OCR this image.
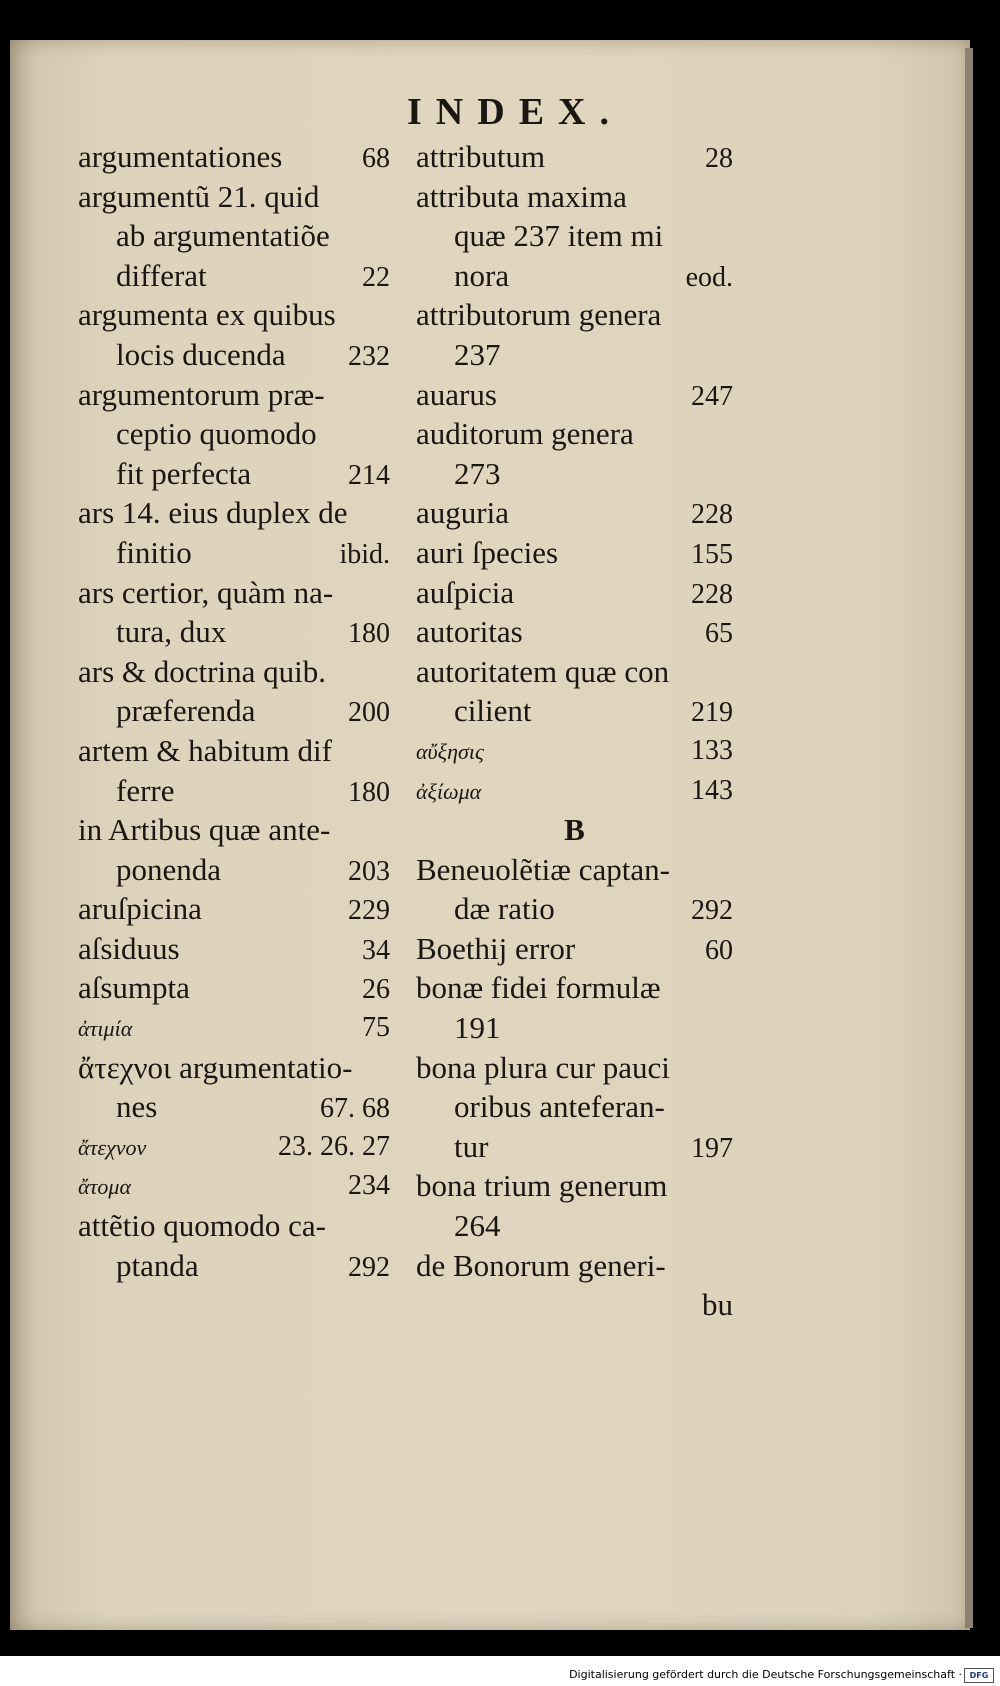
INDEX.
argumentationes	68
argumentũ 21. quid
ab argumentatiõe
differat	22
argumenta ex quibus
locis ducenda 232
argumentorum præ-
ceptio quomodo
fit perfecta	214
ars 14. eius duplex de
finitio	ibid.
ars certior, quàm na-
tura, dux	180
ars & doctrina quib.
præferenda	200
artem & habitum dif
ferre	180
in Artibus quæ ante-
ponenda	203
aruſpicina	229
aſsiduus	34
aſsumpta	26
ἀτιμία	75
ἄτεχνοι argumentatio-
nes	67. 68
ἄτεχνον	23. 26. 27
ἄτομα	234
attẽtio quomodo ca-
ptanda	292
attributum	28
attributa maxima
quæ 237 item mi
nora	eod.
attributorum genera
237
auarus	247
auditorum genera
273
auguria	228
auri ſpecies	155
auſpicia	228
autoritas	65
autoritatem quæ con
cilient	219
αὔξησις	133
ἀξίωμα	143
B
Beneuolẽtiæ captan-
dæ ratio	292
Boethij error	60
bonæ fidei formulæ
191
bona plura cur pauci
oribus anteferan-
tur	197
bona trium generum
264
de Bonorum generi-
bu
Digitalisierung gefördert durch die Deutsche Forschungsgemeinschaft · DFG
